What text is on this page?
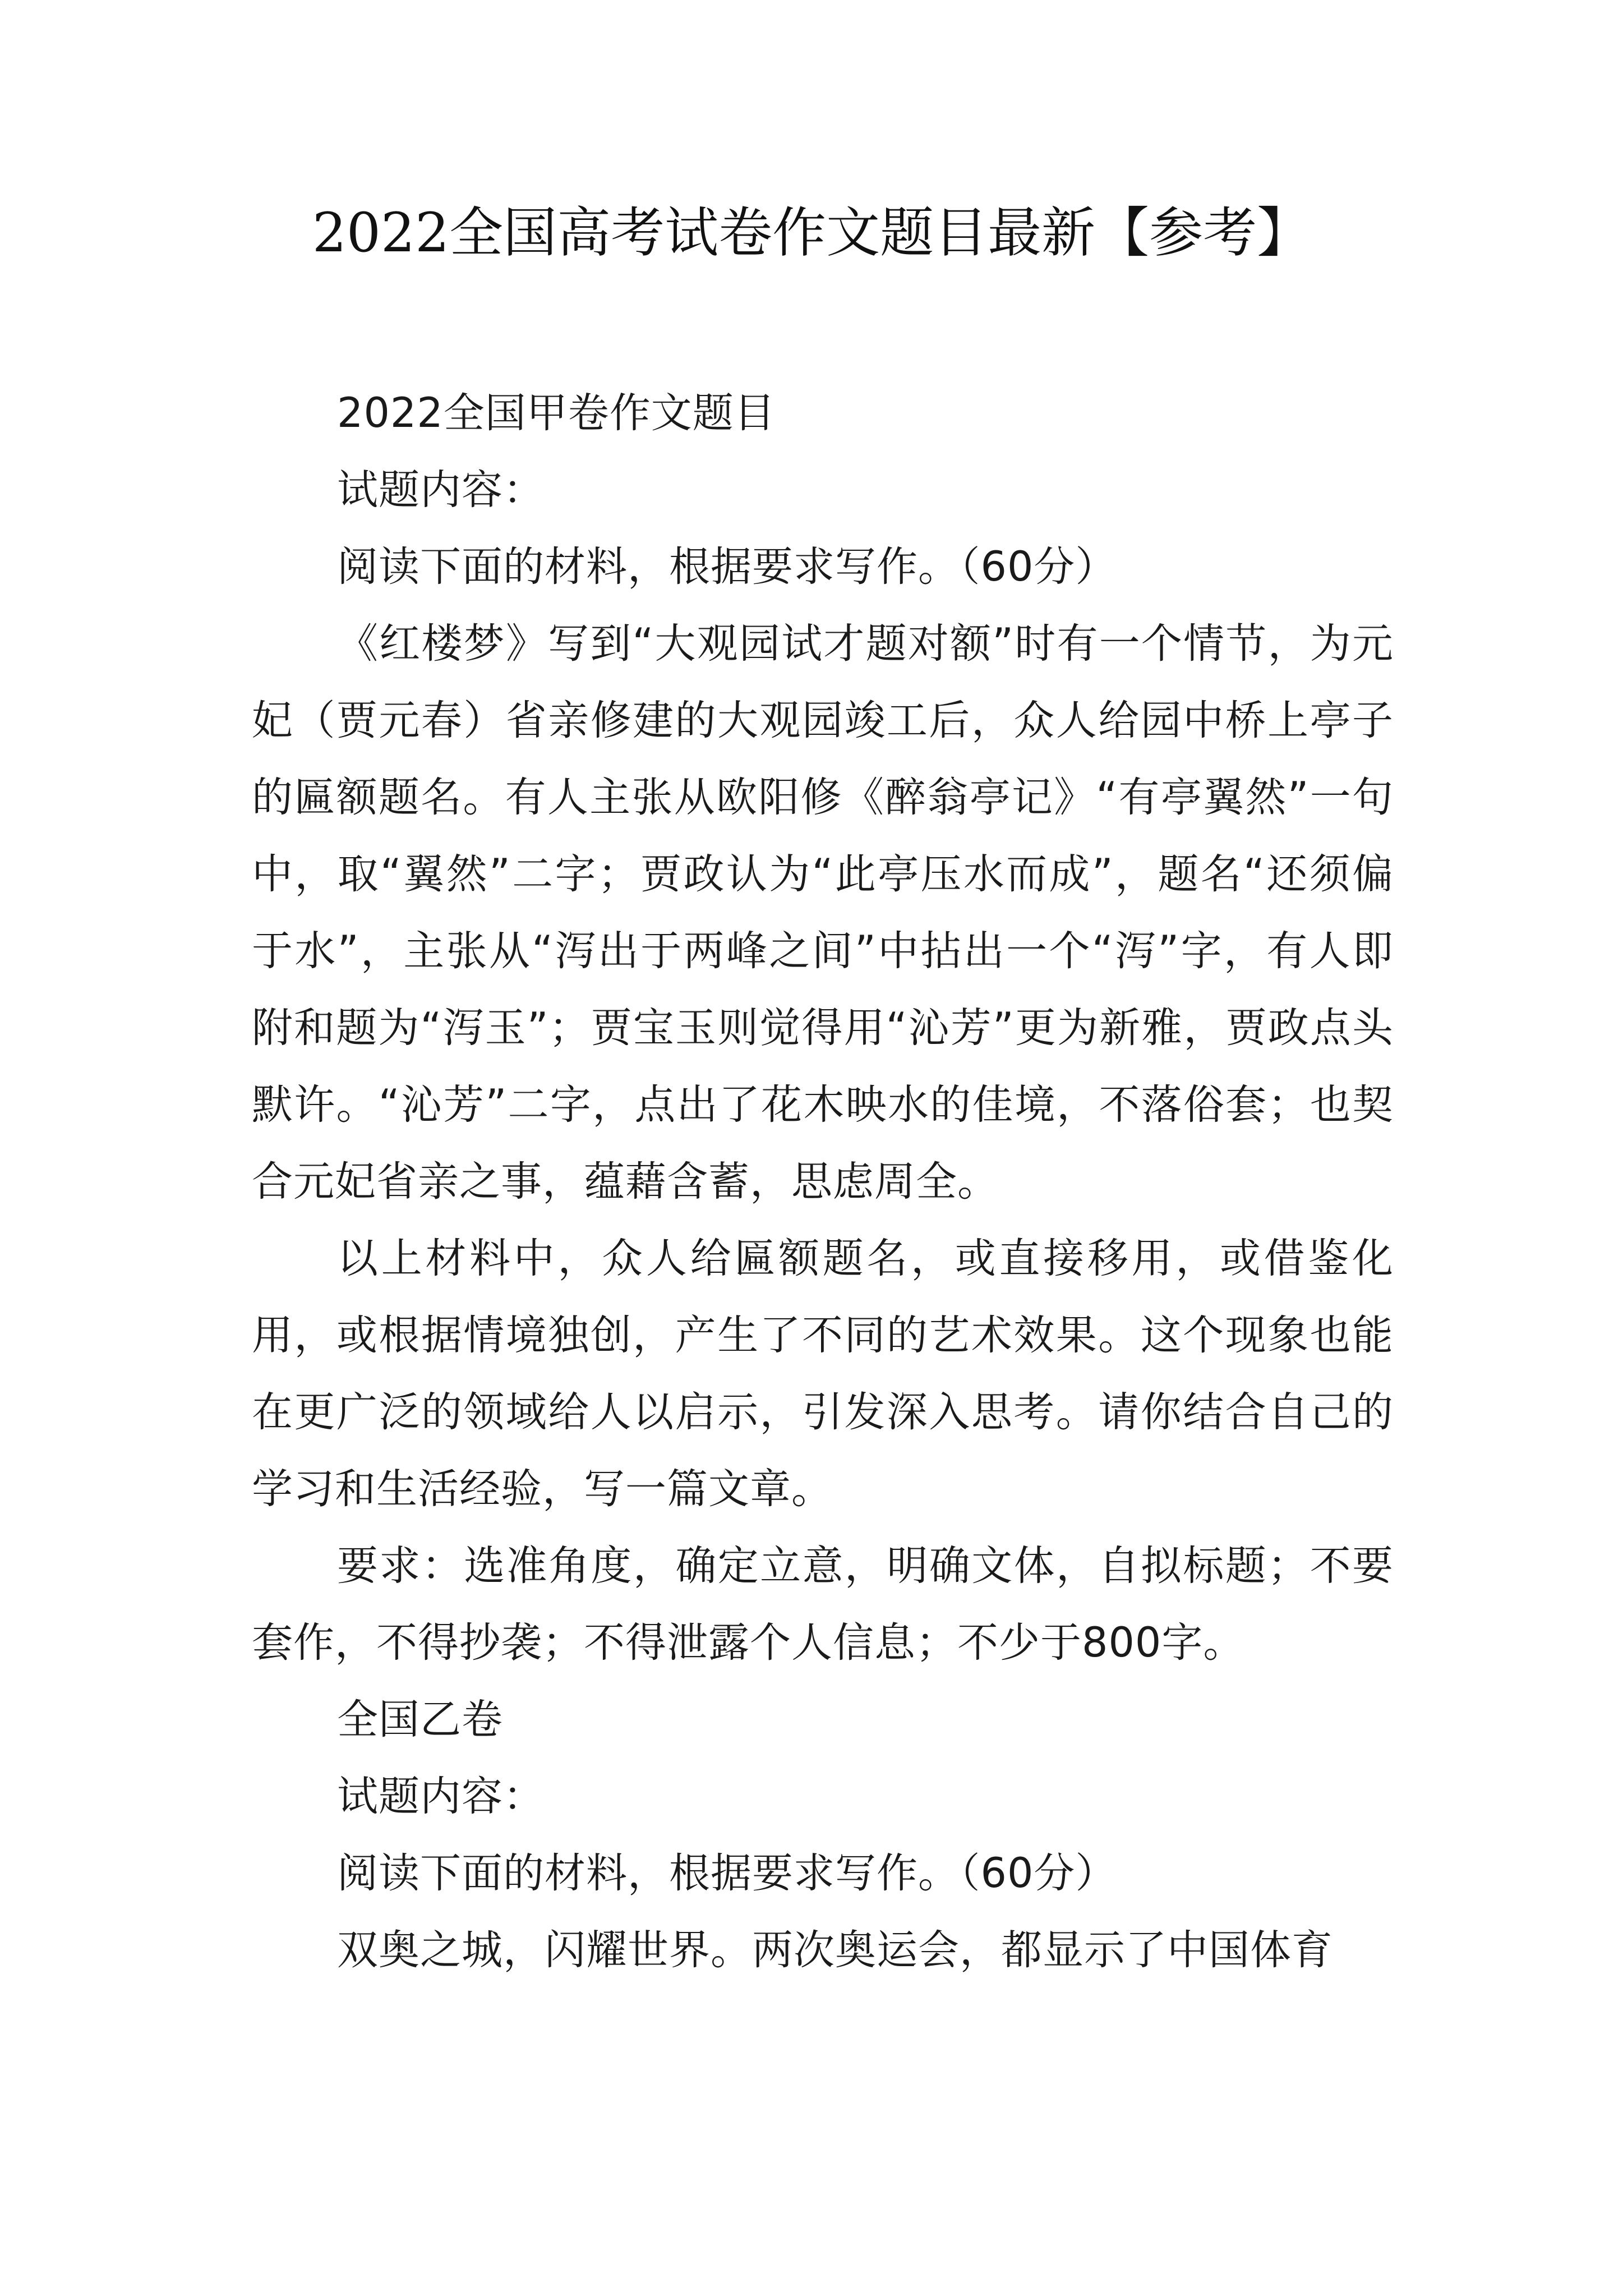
2022全国高考试卷作文题目最新【参考】

2022全国甲卷作文题目

试题内容：

阅读下面的材料，根据要求写作。（60分）

《红楼梦》写到“大观园试才题对额”时有一个情节，为元妃（贾元春）省亲修建的大观园竣工后，众人给园中桥上亭子的匾额题名。有人主张从欧阳修《醉翁亭记》“有亭翼然”一句中，取“翼然”二字；贾政认为“此亭压水而成”，题名“还须偏于水”，主张从“泻出于两峰之间”中拈出一个“泻”字，有人即附和题为“泻玉”；贾宝玉则觉得用“沁芳”更为新雅，贾政点头默许。“沁芳”二字，点出了花木映水的佳境，不落俗套；也契合元妃省亲之事，蕴藉含蓄，思虑周全。

以上材料中，众人给匾额题名，或直接移用，或借鉴化用，或根据情境独创，产生了不同的艺术效果。这个现象也能在更广泛的领域给人以启示，引发深入思考。请你结合自己的学习和生活经验，写一篇文章。

要求：选准角度，确定立意，明确文体，自拟标题；不要套作，不得抄袭；不得泄露个人信息；不少于800字。

全国乙卷

试题内容：

阅读下面的材料，根据要求写作。（60分）

双奥之城，闪耀世界。两次奥运会，都显示了中国体育
